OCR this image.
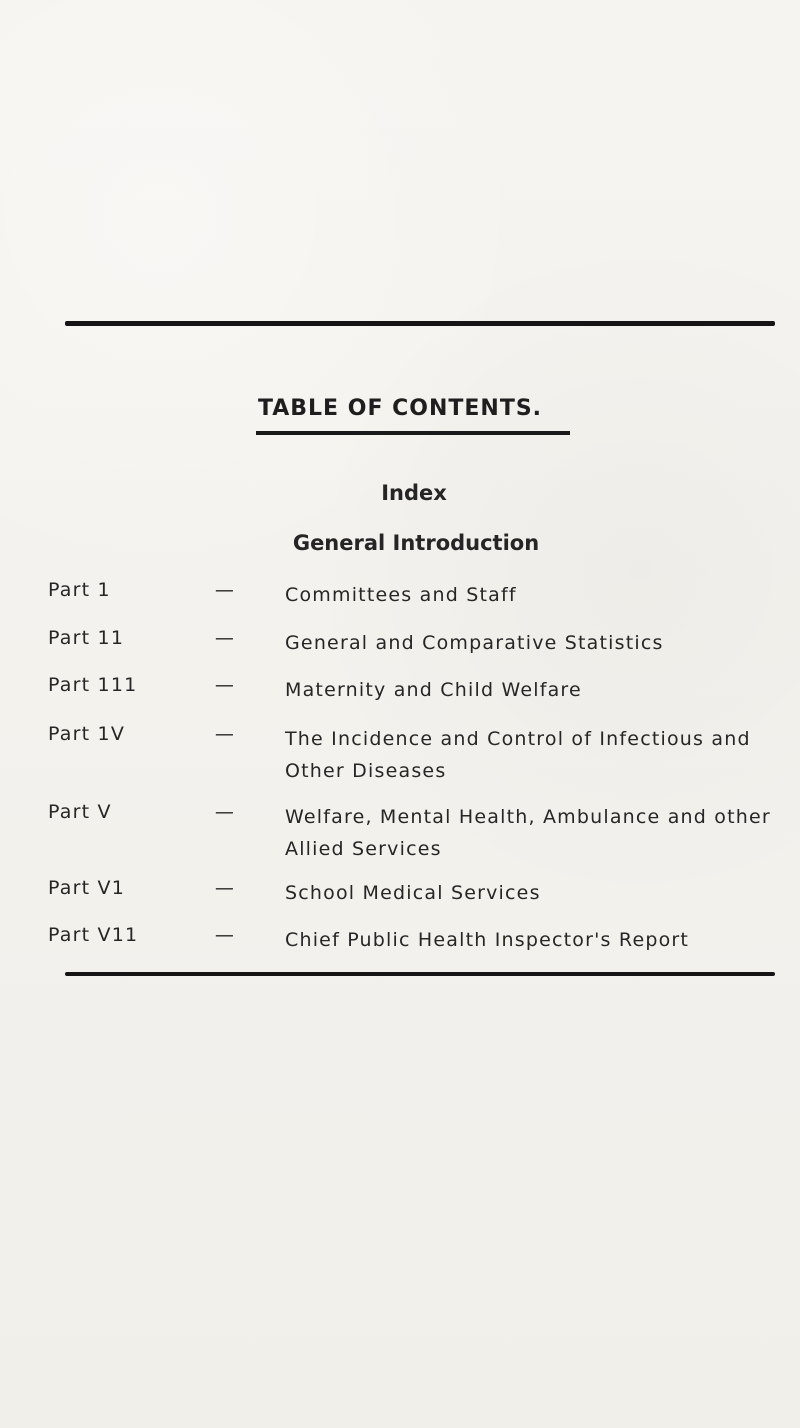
TABLE OF CONTENTS.
Index
General Introduction
Part 1	—	Committees and Staff
Part 11	—	General and Comparative Statistics
Part 111	—	Maternity and Child Welfare
Part 1V	—	The Incidence and Control of Infectious and Other Diseases
Part V	—	Welfare, Mental Health, Ambulance and other Allied Services
Part V1	—	School Medical Services
Part V11	—	Chief Public Health Inspector's Report
